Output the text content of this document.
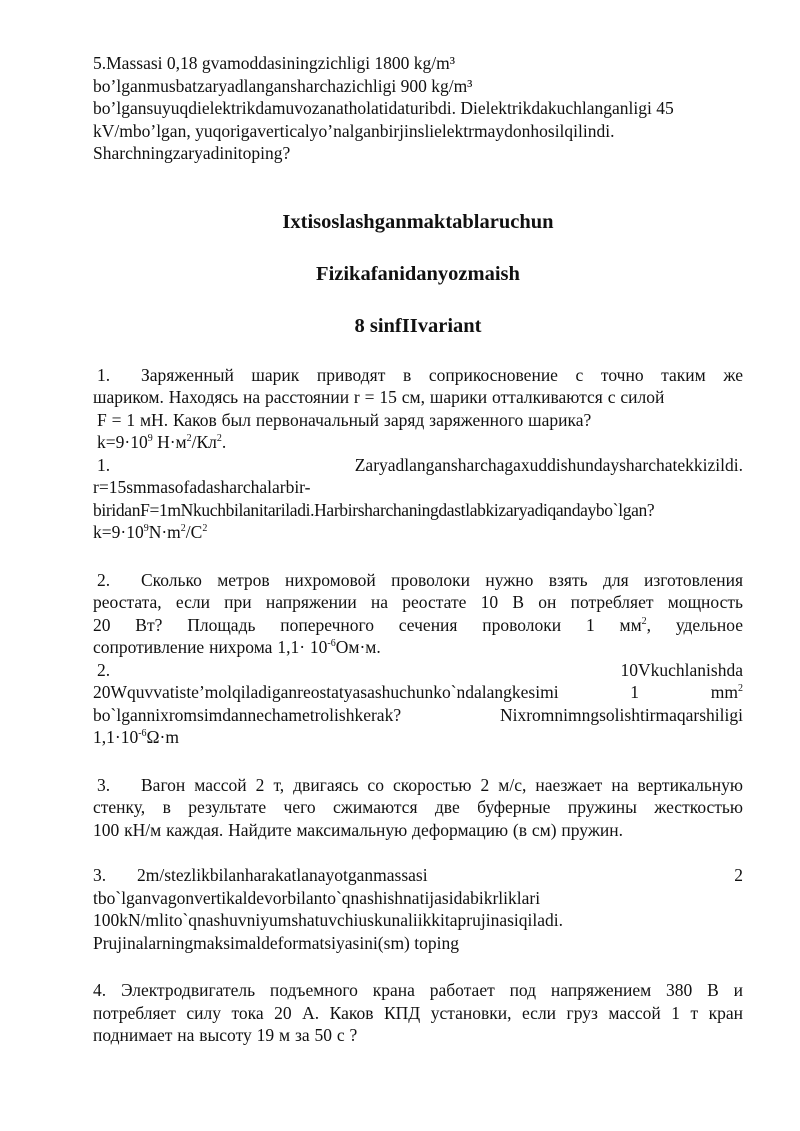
5.Massasi 0,18 gvamoddasiningzichligi 1800 kg/m³

bo’lganmusbatzaryadlangansharchazichligi 900 kg/m³

bo’lgansuyuqdielektrikdamuvozanatholatidaturibdi. Dielektrikdakuchlanganligi 45

kV/mbo’lgan, yuqorigaverticalyo’nalganbirjinslielektrmaydonhosilqilindi.

Sharchningzaryadinitoping?

Ixtisoslashganmaktablaruchun

Fizikafanidanyozmaish

8 sinfIIvariant

1. Заряженный шарик приводят в соприкосновение с точно таким же

шариком. Находясь на расстоянии r = 15 см, шарики отталкиваются с силой

F = 1 мН. Каков был первоначальный заряд заряженного шарика?

$k=9\cdot 10^9$ $Н\cdot м^2/Кл^2$.

1.	Zaryadlangansharchagaxuddishundaysharchatekkizildi.

r=15smmasofadasharchalarbir-

biridanF=1mNkuchbilanitariladi.Harbirsharchaningdastlabkizaryadiqandaybo`lgan?

$k=9\cdot 10^9N\cdot m^2/C^2$

2. Сколько метров нихромовой проволоки нужно взять для изготовления

реостата, если при напряжении на реостате 10 В он потребляет мощность

20 Вт? Площадь поперечного сечения проволоки 1 $мм^2$, удельное

сопротивление нихрома $1,1\cdot 10^{-6}Ом\cdot м$.

2.	10Vkuchlanishda

20Wquvvatiste’molqiladiganreostatyasashuchunko`ndalangkesimi	1	$mm^2$

bo`lgannixromsimdannechametrolishkerak?	Nixromnimngsolishtirmaqarshiligi

$1,1\cdot 10^{-6}\Omega\cdot m$

3. Вагон массой 2 т, двигаясь со скоростью 2 м/с, наезжает на вертикальную

стенку, в результате чего сжимаются две буферные пружины жесткостью

100 кН/м каждая. Найдите максимальную деформацию (в см) пружин.

3. 2m/stezlikbilanharakatlanayotganmassasi	2

tbo`lganvagonvertikaldevorbilanto`qnashishnatijasidabikrliklari

100kN/mlito`qnashuvniyumshatuvchiuskunaliikkitaprujinasiqiladi.

Prujinalarningmaksimaldeformatsiyasini(sm) toping

4. Электродвигатель подъемного крана работает под напряжением 380 В и

потребляет силу тока 20 А. Каков КПД установки, если груз массой 1 т кран

поднимает на высоту 19 м за 50 с ?
